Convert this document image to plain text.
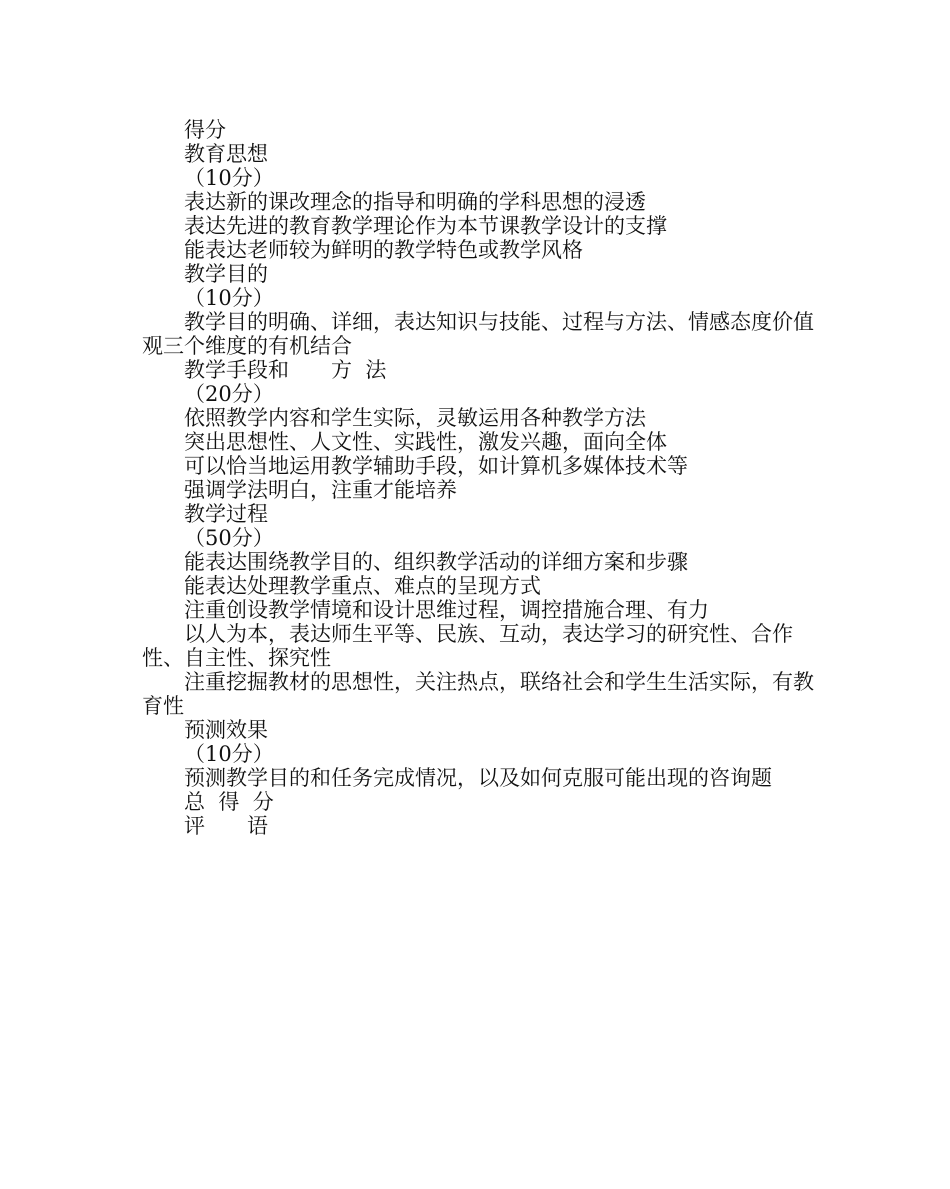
得分

教育思想

（10分）

表达新的课改理念的指导和明确的学科思想的浸透

表达先进的教育教学理论作为本节课教学设计的支撑

能表达老师较为鲜明的教学特色或教学风格

教学目的

（10分）

教学目的明确、详细，表达知识与技能、过程与方法、情感态度价值观三个维度的有机结合

教学手段和　　方  法

（20分）

依照教学内容和学生实际，灵敏运用各种教学方法

突出思想性、人文性、实践性，激发兴趣，面向全体

可以恰当地运用教学辅助手段，如计算机多媒体技术等

强调学法明白，注重才能培养

教学过程

（50分）

能表达围绕教学目的、组织教学活动的详细方案和步骤

能表达处理教学重点、难点的呈现方式

注重创设教学情境和设计思维过程，调控措施合理、有力

以人为本，表达师生平等、民族、互动，表达学习的研究性、合作性、自主性、探究性

注重挖掘教材的思想性，关注热点，联络社会和学生生活实际，有教育性

预测效果

（10分）

预测教学目的和任务完成情况，以及如何克服可能出现的咨询题

总  得  分

评　　语
